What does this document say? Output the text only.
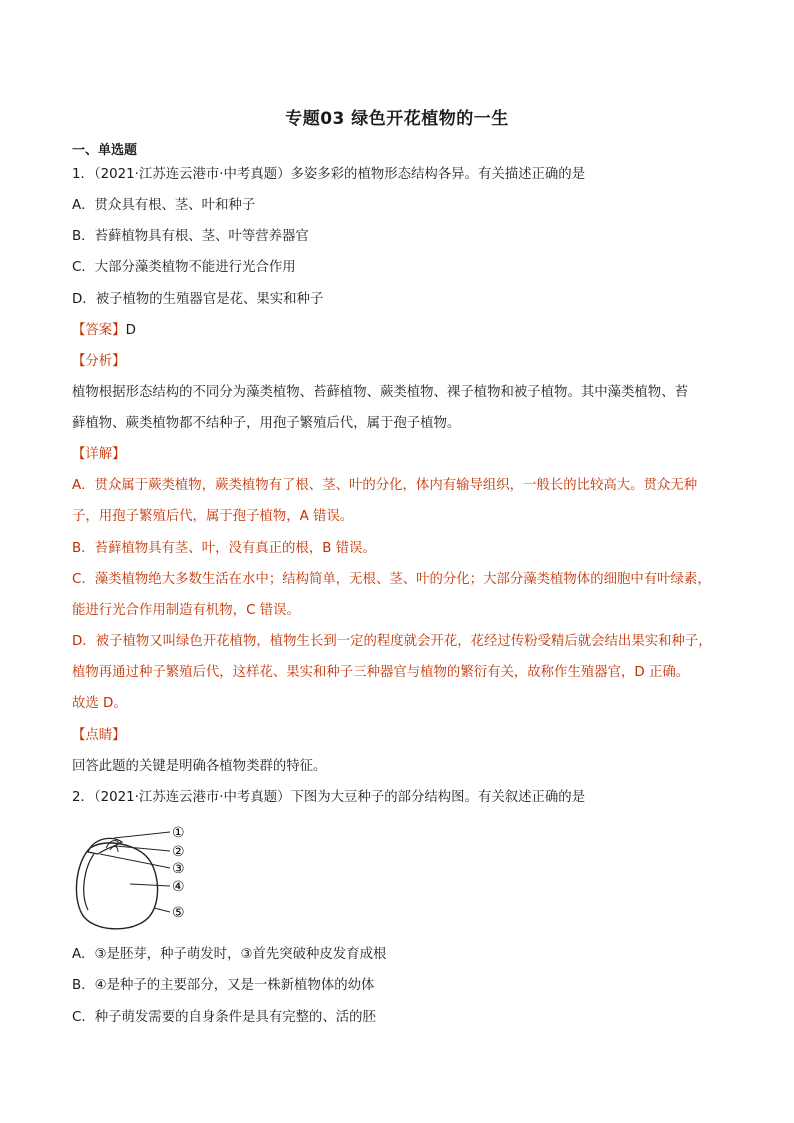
专题03 绿色开花植物的一生
一、单选题
1．（2021·江苏连云港市·中考真题）多姿多彩的植物形态结构各异。有关描述正确的是
A．贯众具有根、茎、叶和种子
B．苔藓植物具有根、茎、叶等营养器官
C．大部分藻类植物不能进行光合作用
D．被子植物的生殖器官是花、果实和种子
【答案】D
【分析】
植物根据形态结构的不同分为藻类植物、苔藓植物、蕨类植物、裸子植物和被子植物。其中藻类植物、苔
藓植物、蕨类植物都不结种子，用孢子繁殖后代，属于孢子植物。
【详解】
A．贯众属于蕨类植物，蕨类植物有了根、茎、叶的分化，体内有输导组织，一般长的比较高大。贯众无种
子，用孢子繁殖后代，属于孢子植物，A 错误。
B．苔藓植物具有茎、叶，没有真正的根，B 错误。
C．藻类植物绝大多数生活在水中；结构简单，无根、茎、叶的分化；大部分藻类植物体的细胞中有叶绿素，
能进行光合作用制造有机物，C 错误。
D．被子植物又叫绿色开花植物，植物生长到一定的程度就会开花，花经过传粉受精后就会结出果实和种子，
植物再通过种子繁殖后代，这样花、果实和种子三种器官与植物的繁衍有关，故称作生殖器官，D 正确。
故选 D。
【点睛】
回答此题的关键是明确各植物类群的特征。
2．（2021·江苏连云港市·中考真题）下图为大豆种子的部分结构图。有关叙述正确的是
①
②
③
④
⑤
A．③是胚芽，种子萌发时，③首先突破种皮发育成根
B．④是种子的主要部分，又是一株新植物体的幼体
C．种子萌发需要的自身条件是具有完整的、活的胚
